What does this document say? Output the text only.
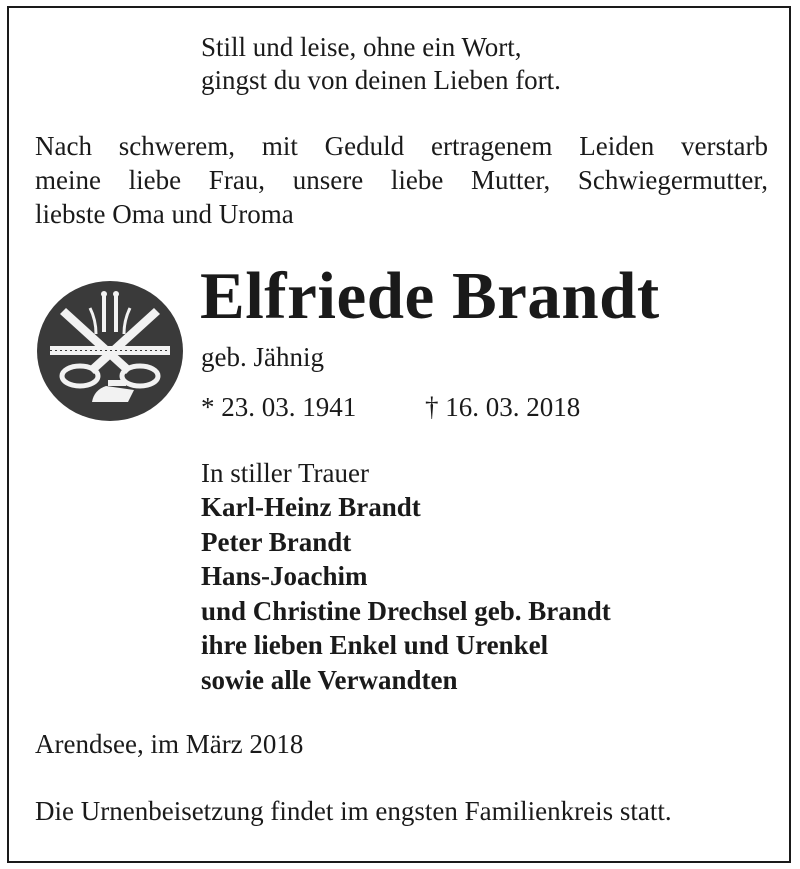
Still und leise, ohne ein Wort,
gingst du von deinen Lieben fort.
Nach schwerem, mit Geduld ertragenem Leiden verstarb
meine liebe Frau, unsere liebe Mutter, Schwiegermutter,
liebste Oma und Uroma
Elfriede Brandt
geb. Jähnig
* 23. 03. 1941	† 16. 03. 2018
In stiller Trauer
Karl-Heinz Brandt
Peter Brandt
Hans-Joachim
und Christine Drechsel geb. Brandt
ihre lieben Enkel und Urenkel
sowie alle Verwandten
Arendsee, im März 2018
Die Urnenbeisetzung findet im engsten Familienkreis statt.
